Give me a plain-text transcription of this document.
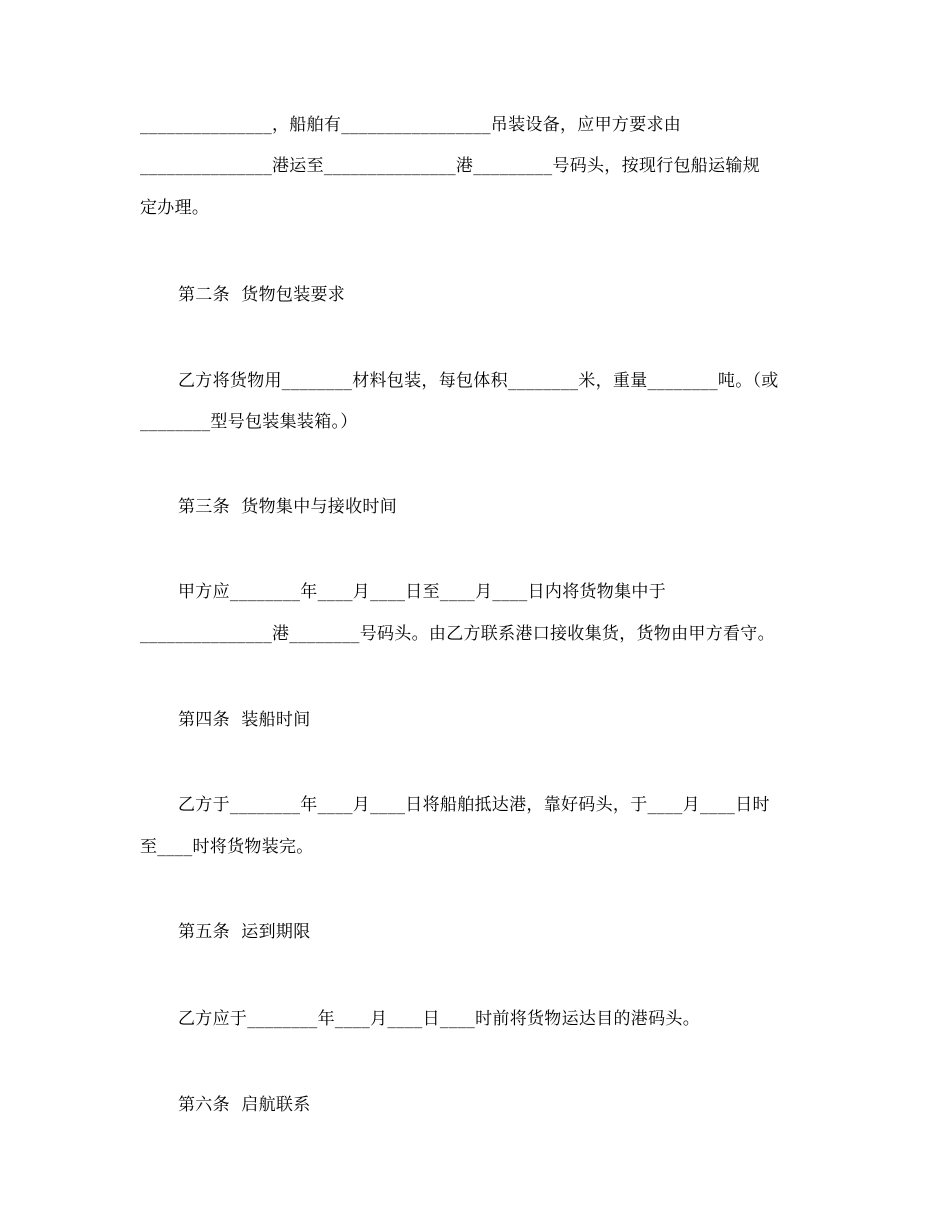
_______________，船舶有_________________吊装设备，应甲方要求由
_______________港运至_______________港_________号码头，按现行包船运输规
定办理。
第二条  货物包装要求
乙方将货物用________材料包装，每包体积________米，重量________吨。（或
________型号包装集装箱。）
第三条  货物集中与接收时间
甲方应________年____月____日至____月____日内将货物集中于
_______________港________号码头。由乙方联系港口接收集货，货物由甲方看守。
第四条  装船时间
乙方于________年____月____日将船舶抵达港，靠好码头，于____月____日时
至____时将货物装完。
第五条  运到期限
乙方应于________年____月____日____时前将货物运达目的港码头。
第六条  启航联系
